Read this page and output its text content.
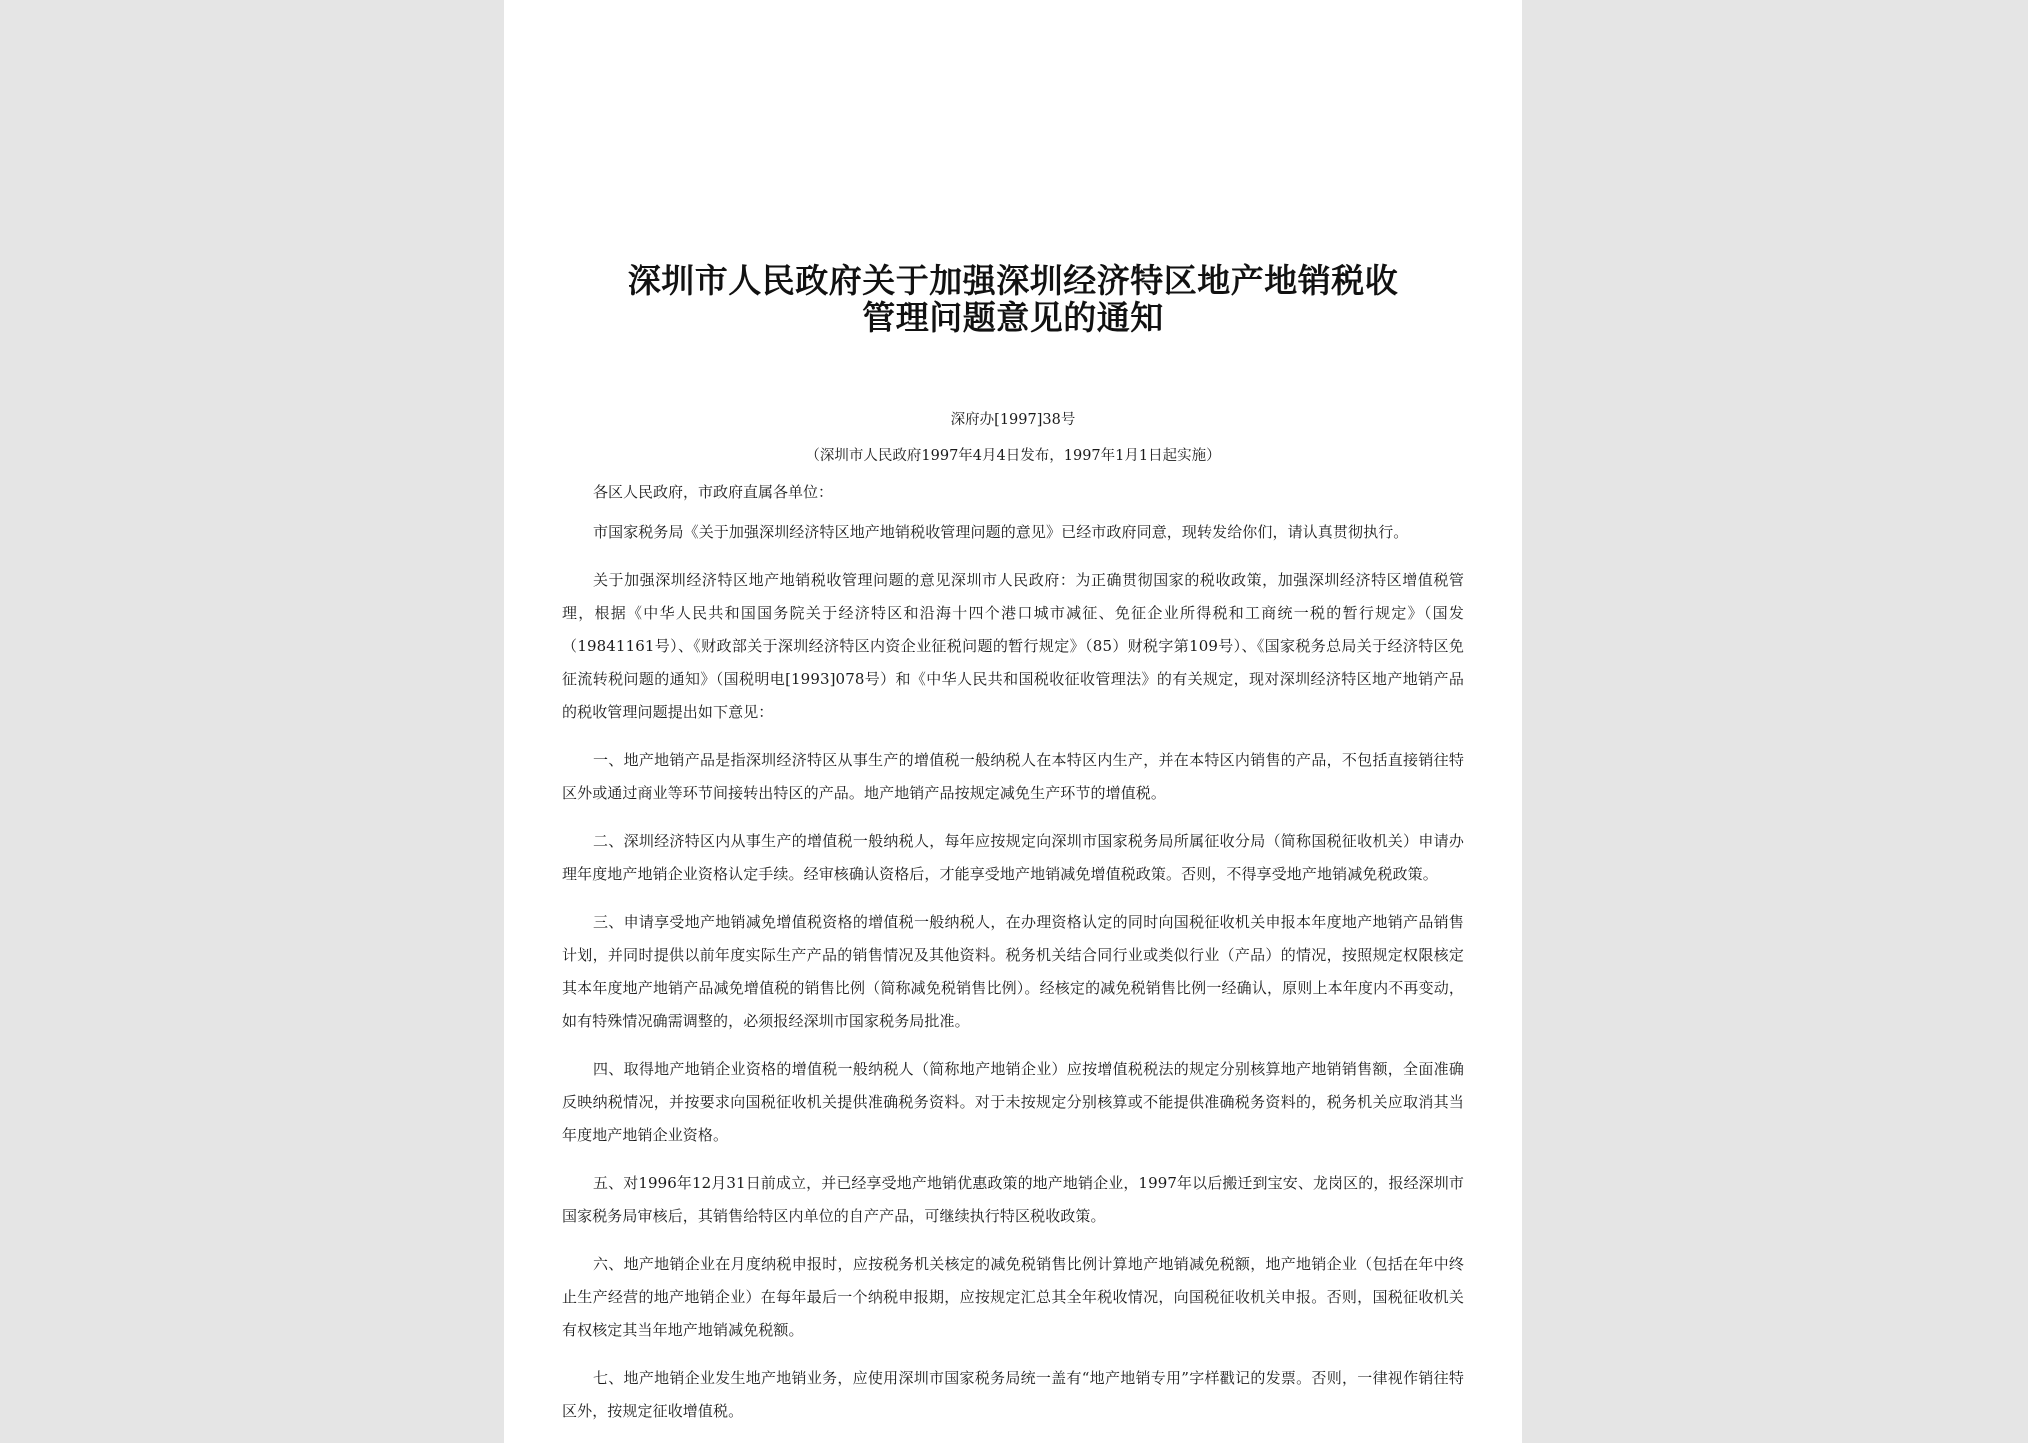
深圳市人民政府关于加强深圳经济特区地产地销税收
管理问题意见的通知
深府办[1997]38号
（深圳市人民政府1997年4月4日发布，1997年1月1日起实施）
各区人民政府，市政府直属各单位：

市国家税务局《关于加强深圳经济特区地产地销税收管理问题的意见》已经市政府同意，现转发给你们，请认真贯彻执行。

关于加强深圳经济特区地产地销税收管理问题的意见深圳市人民政府：为正确贯彻国家的税收政策，加强深圳经济特区增值税管理，根据《中华人民共和国国务院关于经济特区和沿海十四个港口城市减征、免征企业所得税和工商统一税的暂行规定》（国发（19841161号）、《财政部关于深圳经济特区内资企业征税问题的暂行规定》（85）财税字第109号）、《国家税务总局关于经济特区免征流转税问题的通知》（国税明电[1993]078号）和《中华人民共和国税收征收管理法》的有关规定，现对深圳经济特区地产地销产品的税收管理问题提出如下意见：

一、地产地销产品是指深圳经济特区从事生产的增值税一般纳税人在本特区内生产，并在本特区内销售的产品，不包括直接销往特区外或通过商业等环节间接转出特区的产品。地产地销产品按规定减免生产环节的增值税。

二、深圳经济特区内从事生产的增值税一般纳税人，每年应按规定向深圳市国家税务局所属征收分局（简称国税征收机关）申请办理年度地产地销企业资格认定手续。经审核确认资格后，才能享受地产地销减免增值税政策。否则，不得享受地产地销减免税政策。

三、申请享受地产地销减免增值税资格的增值税一般纳税人，在办理资格认定的同时向国税征收机关申报本年度地产地销产品销售计划，并同时提供以前年度实际生产产品的销售情况及其他资料。税务机关结合同行业或类似行业（产品）的情况，按照规定权限核定其本年度地产地销产品减免增值税的销售比例（简称减免税销售比例）。经核定的减免税销售比例一经确认，原则上本年度内不再变动，如有特殊情况确需调整的，必须报经深圳市国家税务局批准。

四、取得地产地销企业资格的增值税一般纳税人（简称地产地销企业）应按增值税税法的规定分别核算地产地销销售额，全面准确反映纳税情况，并按要求向国税征收机关提供准确税务资料。对于未按规定分别核算或不能提供准确税务资料的，税务机关应取消其当年度地产地销企业资格。

五、对1996年12月31日前成立，并已经享受地产地销优惠政策的地产地销企业，1997年以后搬迁到宝安、龙岗区的，报经深圳市国家税务局审核后，其销售给特区内单位的自产产品，可继续执行特区税收政策。

六、地产地销企业在月度纳税申报时，应按税务机关核定的减免税销售比例计算地产地销减免税额，地产地销企业（包括在年中终止生产经营的地产地销企业）在每年最后一个纳税申报期，应按规定汇总其全年税收情况，向国税征收机关申报。否则，国税征收机关有权核定其当年地产地销减免税额。

七、地产地销企业发生地产地销业务，应使用深圳市国家税务局统一盖有“地产地销专用”字样戳记的发票。否则，一律视作销往特区外，按规定征收增值税。
